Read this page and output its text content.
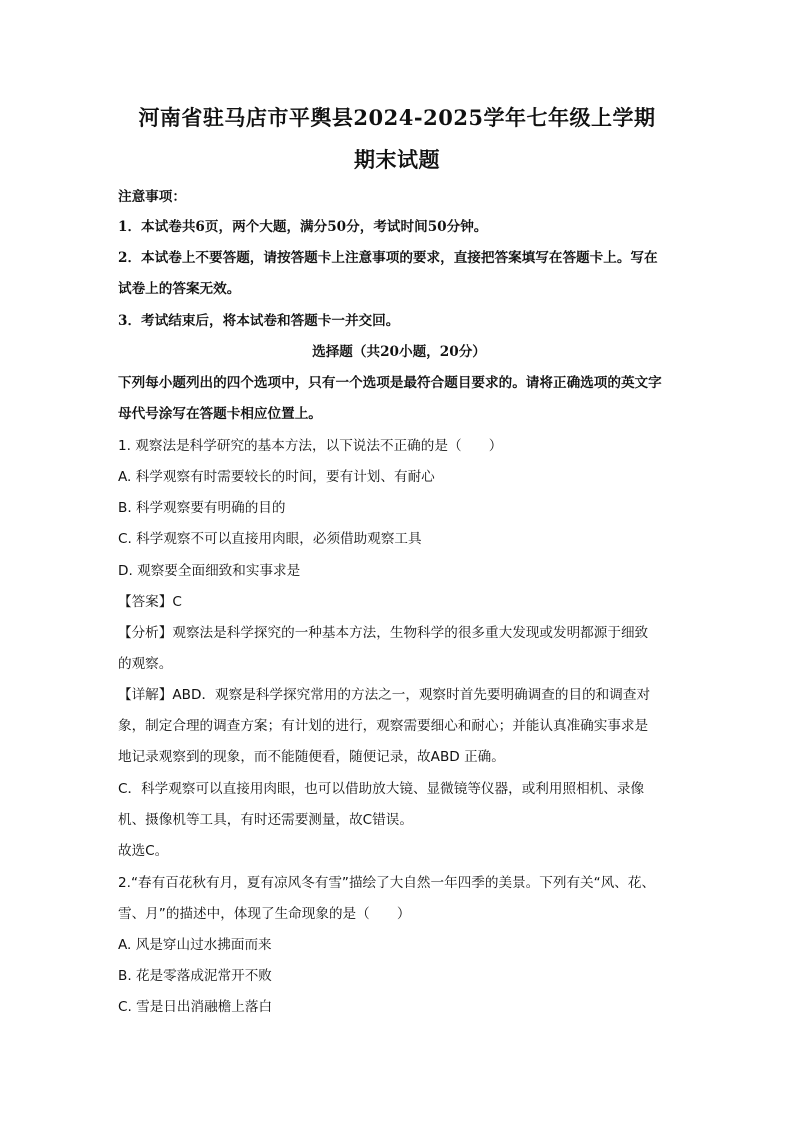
河南省驻马店市平舆县2024-2025学年七年级上学期
期末试题
注意事项：
1．本试卷共6页，两个大题，满分50分，考试时间50分钟。
2．本试卷上不要答题，请按答题卡上注意事项的要求，直接把答案填写在答题卡上。写在
试卷上的答案无效。
3．考试结束后，将本试卷和答题卡一并交回。
选择题（共20小题，20分）
下列每小题列出的四个选项中，只有一个选项是最符合题目要求的。请将正确选项的英文字
母代号涂写在答题卡相应位置上。
1. 观察法是科学研究的基本方法，以下说法不正确的是（　　）
A. 科学观察有时需要较长的时间，要有计划、有耐心
B. 科学观察要有明确的目的
C. 科学观察不可以直接用肉眼，必须借助观察工具
D. 观察要全面细致和实事求是
【答案】C
【分析】观察法是科学探究的一种基本方法，生物科学的很多重大发现或发明都源于细致
的观察。
【详解】ABD．观察是科学探究常用的方法之一，观察时首先要明确调查的目的和调查对
象，制定合理的调查方案；有计划的进行，观察需要细心和耐心；并能认真准确实事求是
地记录观察到的现象，而不能随便看，随便记录，故ABD 正确。
C．科学观察可以直接用肉眼，也可以借助放大镜、显微镜等仪器，或利用照相机、录像
机、摄像机等工具，有时还需要测量，故C错误。
故选C。
2.“春有百花秋有月，夏有凉风冬有雪”描绘了大自然一年四季的美景。下列有关“风、花、
雪、月”的描述中，体现了生命现象的是（　　）
A. 风是穿山过水拂面而来
B. 花是零落成泥常开不败
C. 雪是日出消融檐上落白
